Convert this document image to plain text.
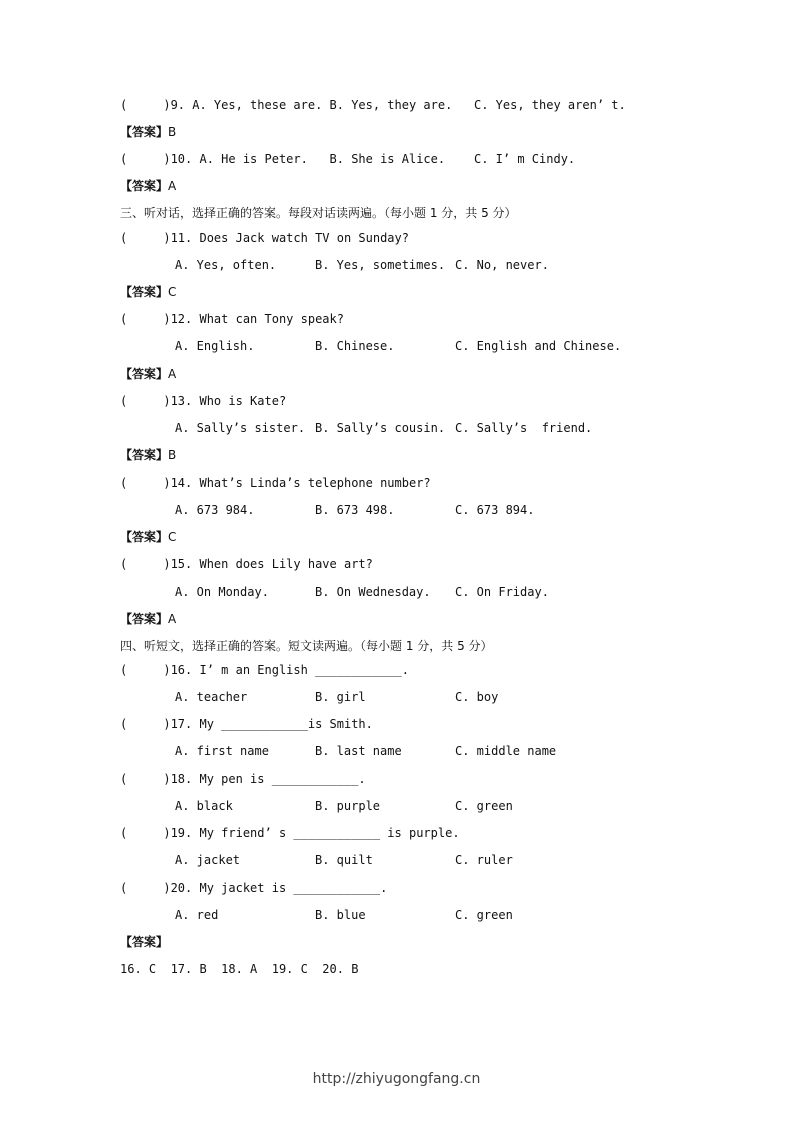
(     )9. A. Yes, these are. B. Yes, they are.   C. Yes, they aren’ t.
【答案】B
(     )10. A. He is Peter.   B. She is Alice.    C. I’ m Cindy.
【答案】A
三、听对话，选择正确的答案。每段对话读两遍。（每小题 1 分，共 5 分）
(     )11. Does Jack watch TV on Sunday?
A. Yes, often.	B. Yes, sometimes. C. No, never.
【答案】C
(     )12. What can Tony speak?
A. English.	B. Chinese.	C. English and Chinese.
【答案】A
(     )13. Who is Kate?
A. Sally’s sister. B. Sally’s cousin. C. Sally’s  friend.
【答案】B
(     )14. What’s Linda’s telephone number?
A. 673 984.	B. 673 498.	C. 673 894.
【答案】C
(     )15. When does Lily have art?
A. On Monday.	B. On Wednesday. C. On Friday.
【答案】A
四、听短文，选择正确的答案。短文读两遍。（每小题 1 分，共 5 分）
(     )16. I’ m an English ____________.
A. teacher	B. girl	C. boy
(     )17. My ____________is Smith.
A. first name	B. last name	C. middle name
(     )18. My pen is ____________.
A. black	B. purple	C. green
(     )19. My friend’ s ____________ is purple.
A. jacket	B. quilt	C. ruler
(     )20. My jacket is ____________.
A. red	B. blue	C. green
【答案】
16. C  17. B  18. A  19. C  20. B
http://zhiyugongfang.cn
